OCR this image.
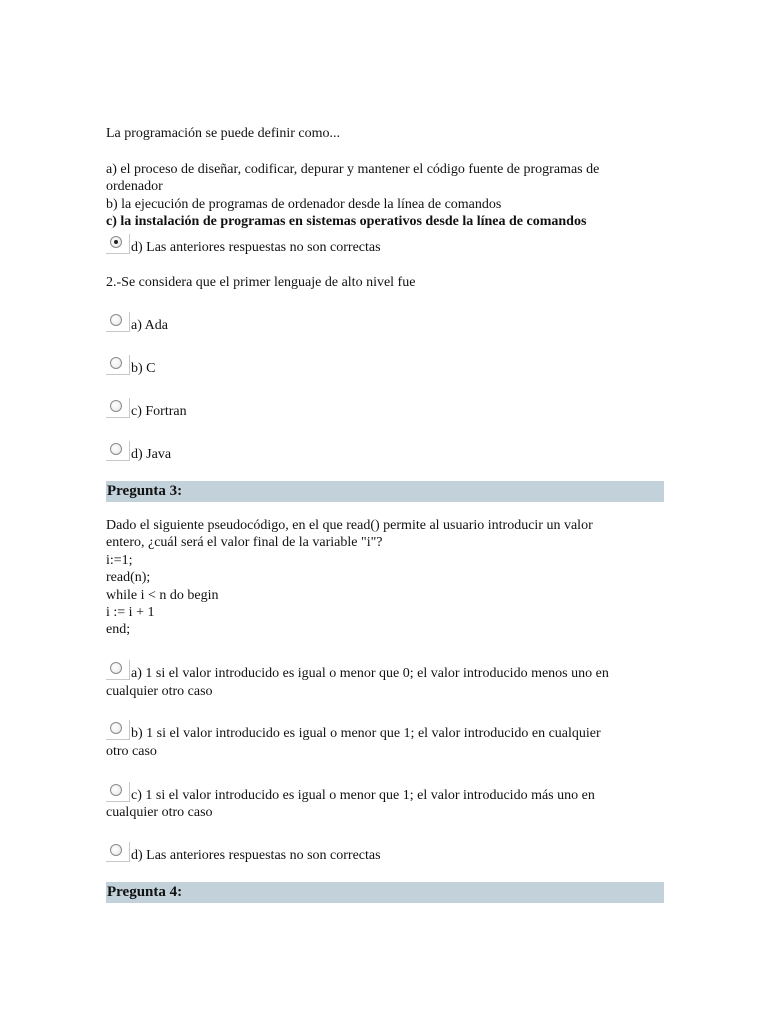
La programación se puede definir como...
a) el proceso de diseñar, codificar, depurar y mantener el código fuente de programas de
ordenador
b) la ejecución de programas de ordenador desde la línea de comandos
c) la instalación de programas en sistemas operativos desde la línea de comandos
d) Las anteriores respuestas no son correctas
2.-Se considera que el primer lenguaje de alto nivel fue
a) Ada
b) C
c) Fortran
d) Java
Pregunta 3:
Dado el siguiente pseudocódigo, en el que read() permite al usuario introducir un valor
entero, ¿cuál será el valor final de la variable "i"?
i:=1;
read(n);
while i < n do begin
i := i + 1
end;
a) 1 si el valor introducido es igual o menor que 0; el valor introducido menos uno en
cualquier otro caso
b) 1 si el valor introducido es igual o menor que 1; el valor introducido en cualquier
otro caso
c) 1 si el valor introducido es igual o menor que 1; el valor introducido más uno en
cualquier otro caso
d) Las anteriores respuestas no son correctas
Pregunta 4:
